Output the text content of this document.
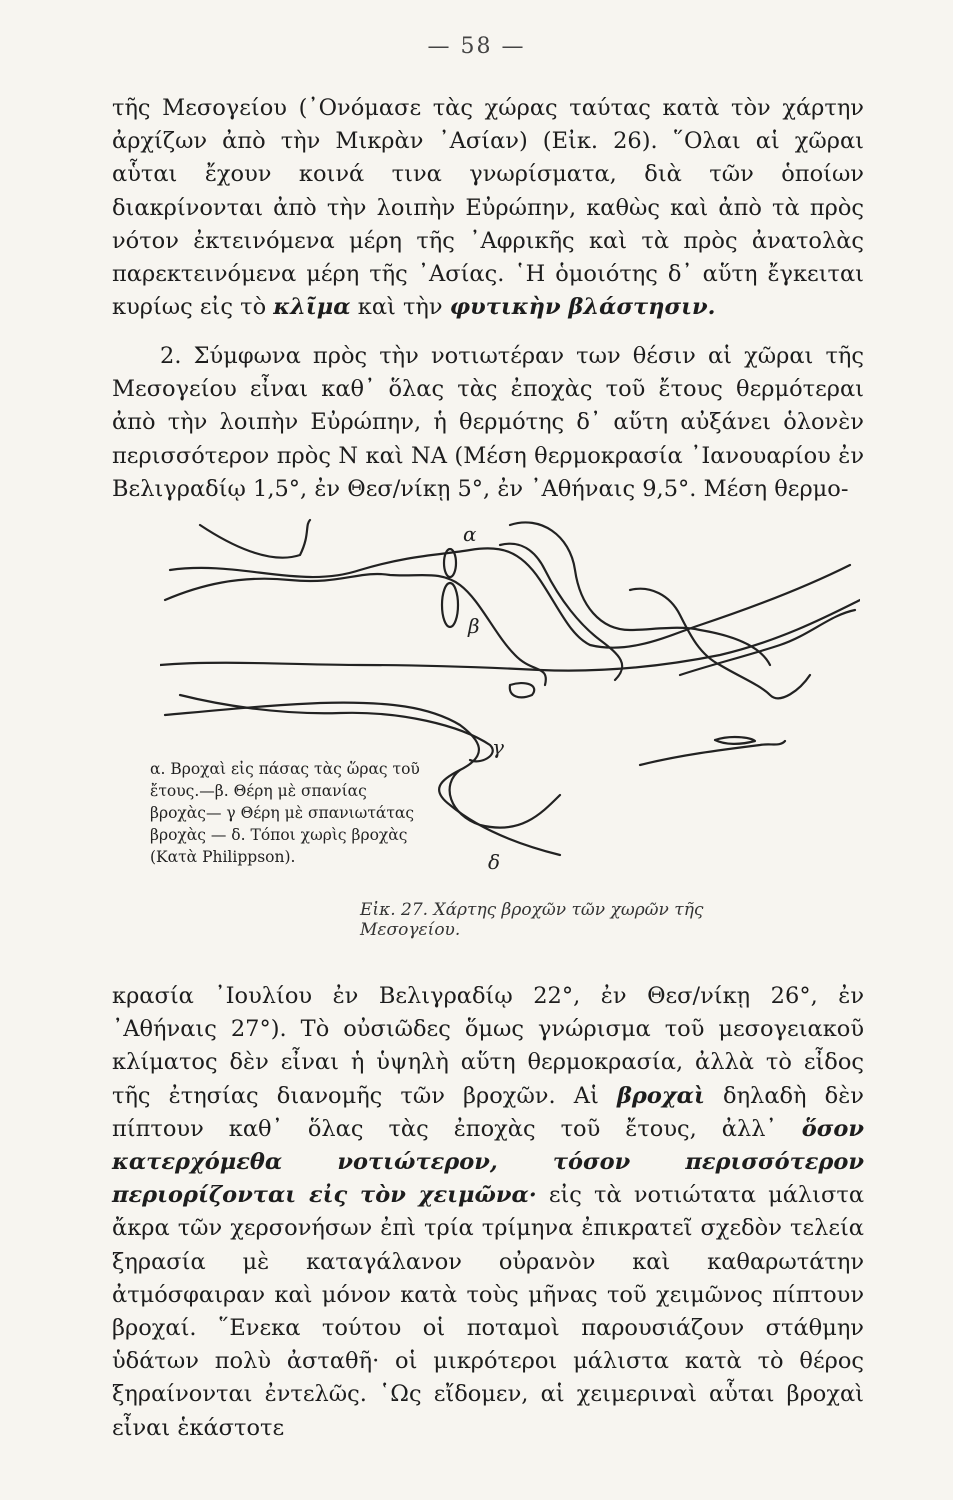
— 58 —

τῆς Μεσογείου (᾿Ονόμασε τὰς χώρας ταύτας κατὰ τὸν χάρτην ἀρχίζων ἀπὸ τὴν Μικρὰν ᾿Ασίαν) (Εἰκ. 26). ῞Ολαι αἱ χῶραι αὗται ἔχουν κοινά τινα γνωρίσματα, διὰ τῶν ὁποίων διακρίνονται ἀπὸ τὴν λοιπὴν Εὐρώπην, καθὼς καὶ ἀπὸ τὰ πρὸς νότον ἐκτεινόμενα μέρη τῆς ᾿Αφρικῆς καὶ τὰ πρὸς ἀνατολὰς παρεκτεινόμενα μέρη τῆς ᾿Ασίας. ῾Η ὁμοιότης δ᾿ αὕτη ἔγκειται κυρίως εἰς τὸ κλῖμα καὶ τὴν φυτικὴν βλάστησιν.

2. Σύμφωνα πρὸς τὴν νοτιωτέραν των θέσιν αἱ χῶραι τῆς Μεσογείου εἶναι καθ᾿ ὅλας τὰς ἐποχὰς τοῦ ἔτους θερμότεραι ἀπὸ τὴν λοιπὴν Εὐρώπην, ἡ θερμότης δ᾿ αὕτη αὐξάνει ὁλονὲν περισσότερον πρὸς Ν καὶ ΝΑ (Μέση θερμοκρασία ᾿Ιανουαρίου ἐν Βελιγραδίῳ 1,5°, ἐν Θεσ/νίκῃ 5°, ἐν ᾿Αθήναις 9,5°. Μέση θερμο-

α
β
γ
δ

α. Βροχαὶ εἰς πάσας τὰς ὥρας τοῦ ἔτους.—β. Θέρη μὲ σπανίας βροχὰς— γ Θέρη μὲ σπανιωτάτας βροχὰς — δ. Τόποι χωρὶς βροχὰς (Κατὰ Philippson).

Εἰκ. 27. Χάρτης βροχῶν τῶν χωρῶν τῆς Μεσογείου.

κρασία ᾿Ιουλίου ἐν Βελιγραδίῳ 22°, ἐν Θεσ/νίκῃ 26°, ἐν ᾿Αθήναις 27°). Τὸ οὐσιῶδες ὅμως γνώρισμα τοῦ μεσογειακοῦ κλίματος δὲν εἶναι ἡ ὑψηλὴ αὕτη θερμοκρασία, ἀλλὰ τὸ εἶδος τῆς ἐτησίας διανομῆς τῶν βροχῶν. Αἱ βροχαὶ δηλαδὴ δὲν πίπτουν καθ᾿ ὅλας τὰς ἐποχὰς τοῦ ἔτους, ἀλλ᾿ ὅσον κατερχόμεθα νοτιώτερον, τόσον περισσότερον περιορίζονται εἰς τὸν χειμῶνα· εἰς τὰ νοτιώτατα μάλιστα ἄκρα τῶν χερσονήσων ἐπὶ τρία τρίμηνα ἐπικρατεῖ σχεδὸν τελεία ξηρασία μὲ καταγάλανον οὐρανὸν καὶ καθαρωτάτην ἀτμόσφαιραν καὶ μόνον κατὰ τοὺς μῆνας τοῦ χειμῶνος πίπτουν βροχαί. ῞Ενεκα τούτου οἱ ποταμοὶ παρουσιάζουν στάθμην ὑδάτων πολὺ ἀσταθῆ· οἱ μικρότεροι μάλιστα κατὰ τὸ θέρος ξηραίνονται ἐντελῶς. ῾Ως εἴδομεν, αἱ χειμεριναὶ αὗται βροχαὶ εἶναι ἑκάστοτε
